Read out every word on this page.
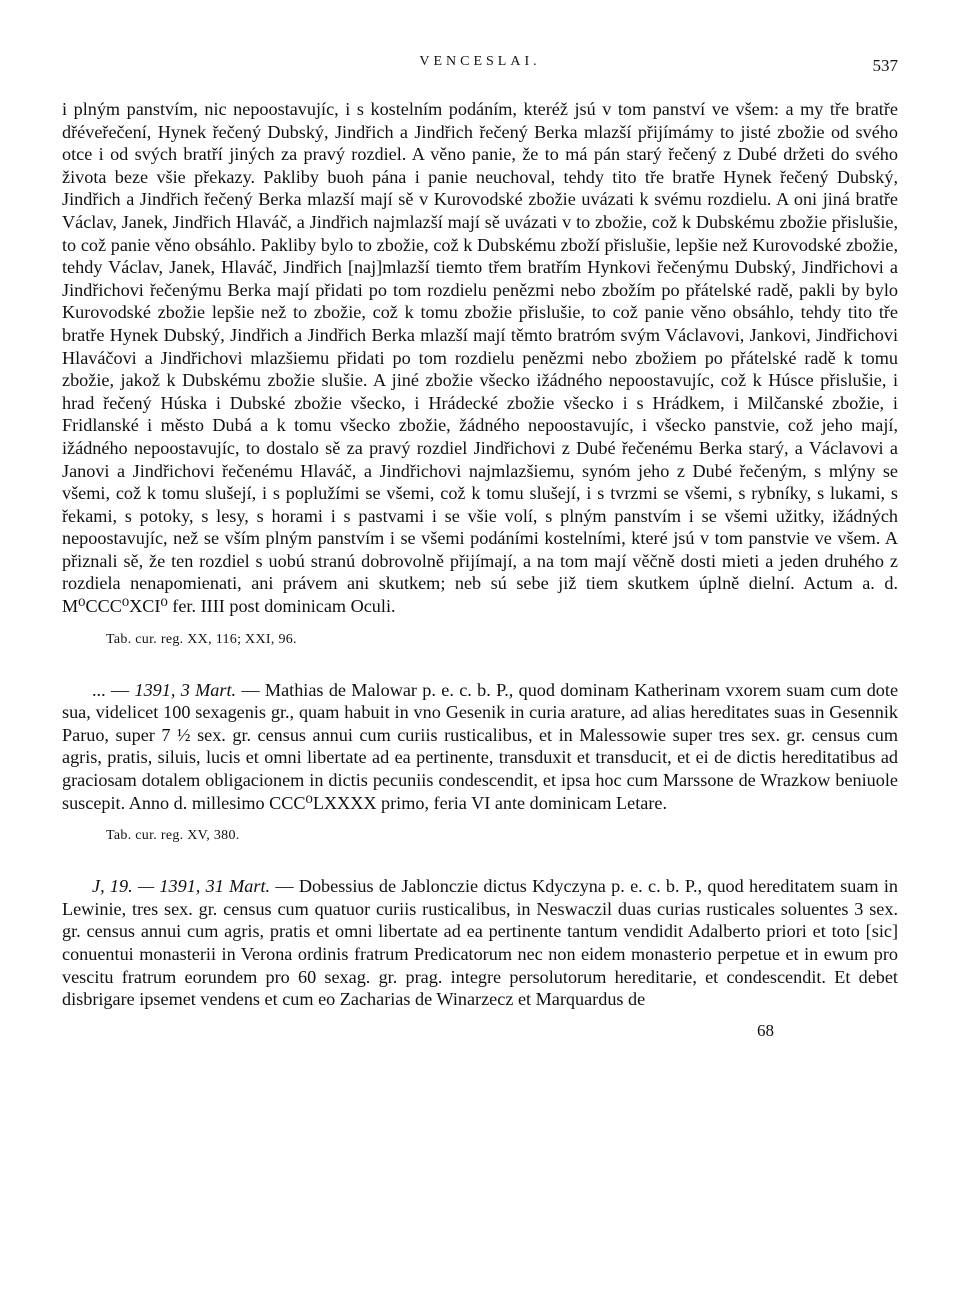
VENCESLAI.	537

i plným panstvím, nic nepoostavujíc, i s kostelním podáním, kteréž jsú v tom panství ve všem: a my tře bratře dřéveřečení, Hynek řečený Dubský, Jindřich a Jindřich řečený Berka mlazší přijímámy to jisté zbožie od svého otce i od svých bratří jiných za pravý rozdiel. A věno panie, že to má pán starý řečený z Dubé držeti do svého života beze všie překazy. Pakliby buoh pána i panie neuchoval, tehdy tito tře bratře Hynek řečený Dubský, Jindřich a Jindřich řečený Berka mlazší mají sě v Kurovodské zbožie uvázati k svému rozdielu. A oni jiná bratře Václav, Janek, Jindřich Hlaváč, a Jindřich najmlazší mají sě uvázati v to zbožie, což k Dubskému zbožie přislušie, to což panie věno obsáhlo. Pakliby bylo to zbožie, což k Dubskému zboží přislušie, lepšie než Kurovodské zbožie, tehdy Václav, Janek, Hlaváč, Jindřich [naj]mlazší tiemto třem bratřím Hynkovi řečenýmu Dubský, Jindřichovi a Jindřichovi řečenýmu Berka mají přidati po tom rozdielu penězmi nebo zbožím po přátelské radě, pakli by bylo Kurovodské zbožie lepšie než to zbožie, což k tomu zbožie přislušie, to což panie věno obsáhlo, tehdy tito tře bratře Hynek Dubský, Jindřich a Jindřich Berka mlazší mají těmto bratróm svým Václavovi, Jankovi, Jindřichovi Hlaváčovi a Jindřichovi mlazšiemu přidati po tom rozdielu penězmi nebo zbožiem po přátelské radě k tomu zbožie, jakož k Dubskému zbožie slušie. A jiné zbožie všecko ižádného nepoostavujíc, což k Húsce přislušie, i hrad řečený Húska i Dubské zbožie všecko, i Hrádecké zbožie všecko i s Hrádkem, i Milčanské zbožie, i Fridlanské i město Dubá a k tomu všecko zbožie, žádného nepoostavujíc, i všecko panstvie, což jeho mají, ižádného nepoostavujíc, to dostalo sě za pravý rozdiel Jindřichovi z Dubé řečenému Berka starý, a Václavovi a Janovi a Jindřichovi řečenému Hlaváč, a Jindřichovi najmlazšiemu, synóm jeho z Dubé řečeným, s mlýny se všemi, což k tomu slušejí, i s poplužími se všemi, což k tomu slušejí, i s tvrzmi se všemi, s rybníky, s lukami, s řekami, s potoky, s lesy, s horami i s pastvami i se všie volí, s plným panstvím i se všemi užitky, ižádných nepoostavujíc, než se vším plným panstvím i se všemi podáními kostelními, které jsú v tom panstvie ve všem. A přiznali sě, že ten rozdiel s uobú stranú dobrovolně přijímají, a na tom mají věčně dosti mieti a jeden druhého z rozdiela nenapomienati, ani právem ani skutkem; neb sú sebe již tiem skutkem úplně dielní. Actum a. d. M⁰CCC⁰XCI⁰ fer. IIII post dominicam Oculi.

Tab. cur. reg. XX, 116; XXI, 96.

... — 1391, 3 Mart. — Mathias de Malowar p. e. c. b. P., quod dominam Katherinam vxorem suam cum dote sua, videlicet 100 sexagenis gr., quam habuit in vno Gesenik in curia arature, ad alias hereditates suas in Gesennik Paruo, super 7 ½ sex. gr. census annui cum curiis rusticalibus, et in Malessowie super tres sex. gr. census cum agris, pratis, siluis, lucis et omni libertate ad ea pertinente, transduxit et transducit, et ei de dictis hereditatibus ad graciosam dotalem obligacionem in dictis pecuniis condescendit, et ipsa hoc cum Marssone de Wrazkow beniuole suscepit. Anno d. millesimo CCC⁰LXXXX primo, feria VI ante dominicam Letare.

Tab. cur. reg. XV, 380.

J, 19. — 1391, 31 Mart. — Dobessius de Jablonczie dictus Kdyczyna p. e. c. b. P., quod hereditatem suam in Lewinie, tres sex. gr. census cum quatuor curiis rusticalibus, in Neswaczil duas curias rusticales soluentes 3 sex. gr. census annui cum agris, pratis et omni libertate ad ea pertinente tantum vendidit Adalberto priori et toto [sic] conuentui monasterii in Verona ordinis fratrum Predicatorum nec non eidem monasterio perpetue et in ewum pro vescitu fratrum eorundem pro 60 sexag. gr. prag. integre persolutorum hereditarie, et condescendit. Et debet disbrigare ipsemet vendens et cum eo Zacharias de Winarzecz et Marquardus de

68
